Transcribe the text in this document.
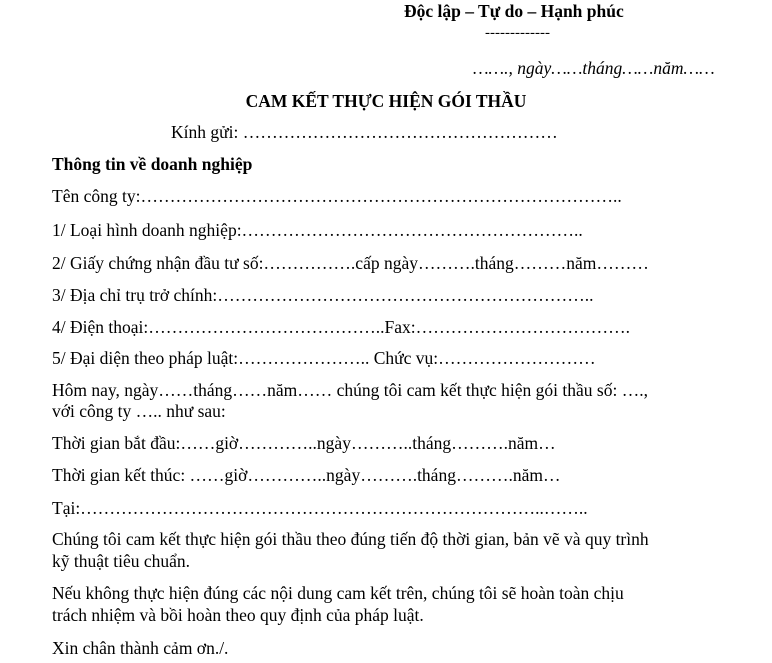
Độc lập – Tự do – Hạnh phúc
-------------
……., ngày……tháng……năm……
CAM KẾT THỰC HIỆN GÓI THẦU
Kính gửi: ………………………………………………
Thông tin về doanh nghiệp
Tên công ty:………………………………………………………………………..
1/ Loại hình doanh nghiệp:…………………………………………………..
2/ Giấy chứng nhận đầu tư số:…………….cấp ngày……….tháng………năm………
3/ Địa chỉ trụ trở chính:………………………………………………………..
4/ Điện thoại:…………………………………..Fax:……………………………….
5/ Đại diện theo pháp luật:………………….. Chức vụ:………………………
Hôm nay, ngày……tháng……năm…… chúng tôi cam kết thực hiện gói thầu số: ….,
với công ty ….. như sau:
Thời gian bắt đầu:……giờ…………..ngày………..tháng……….năm…
Thời gian kết thúc: ……giờ…………..ngày……….tháng……….năm…
Tại:……………………………………………………………………..……..
Chúng tôi cam kết thực hiện gói thầu theo đúng tiến độ thời gian, bản vẽ và quy trình
kỹ thuật tiêu chuẩn.
Nếu không thực hiện đúng các nội dung cam kết trên, chúng tôi sẽ hoàn toàn chịu
trách nhiệm và bồi hoàn theo quy định của pháp luật.
Xin chân thành cảm ơn./.
